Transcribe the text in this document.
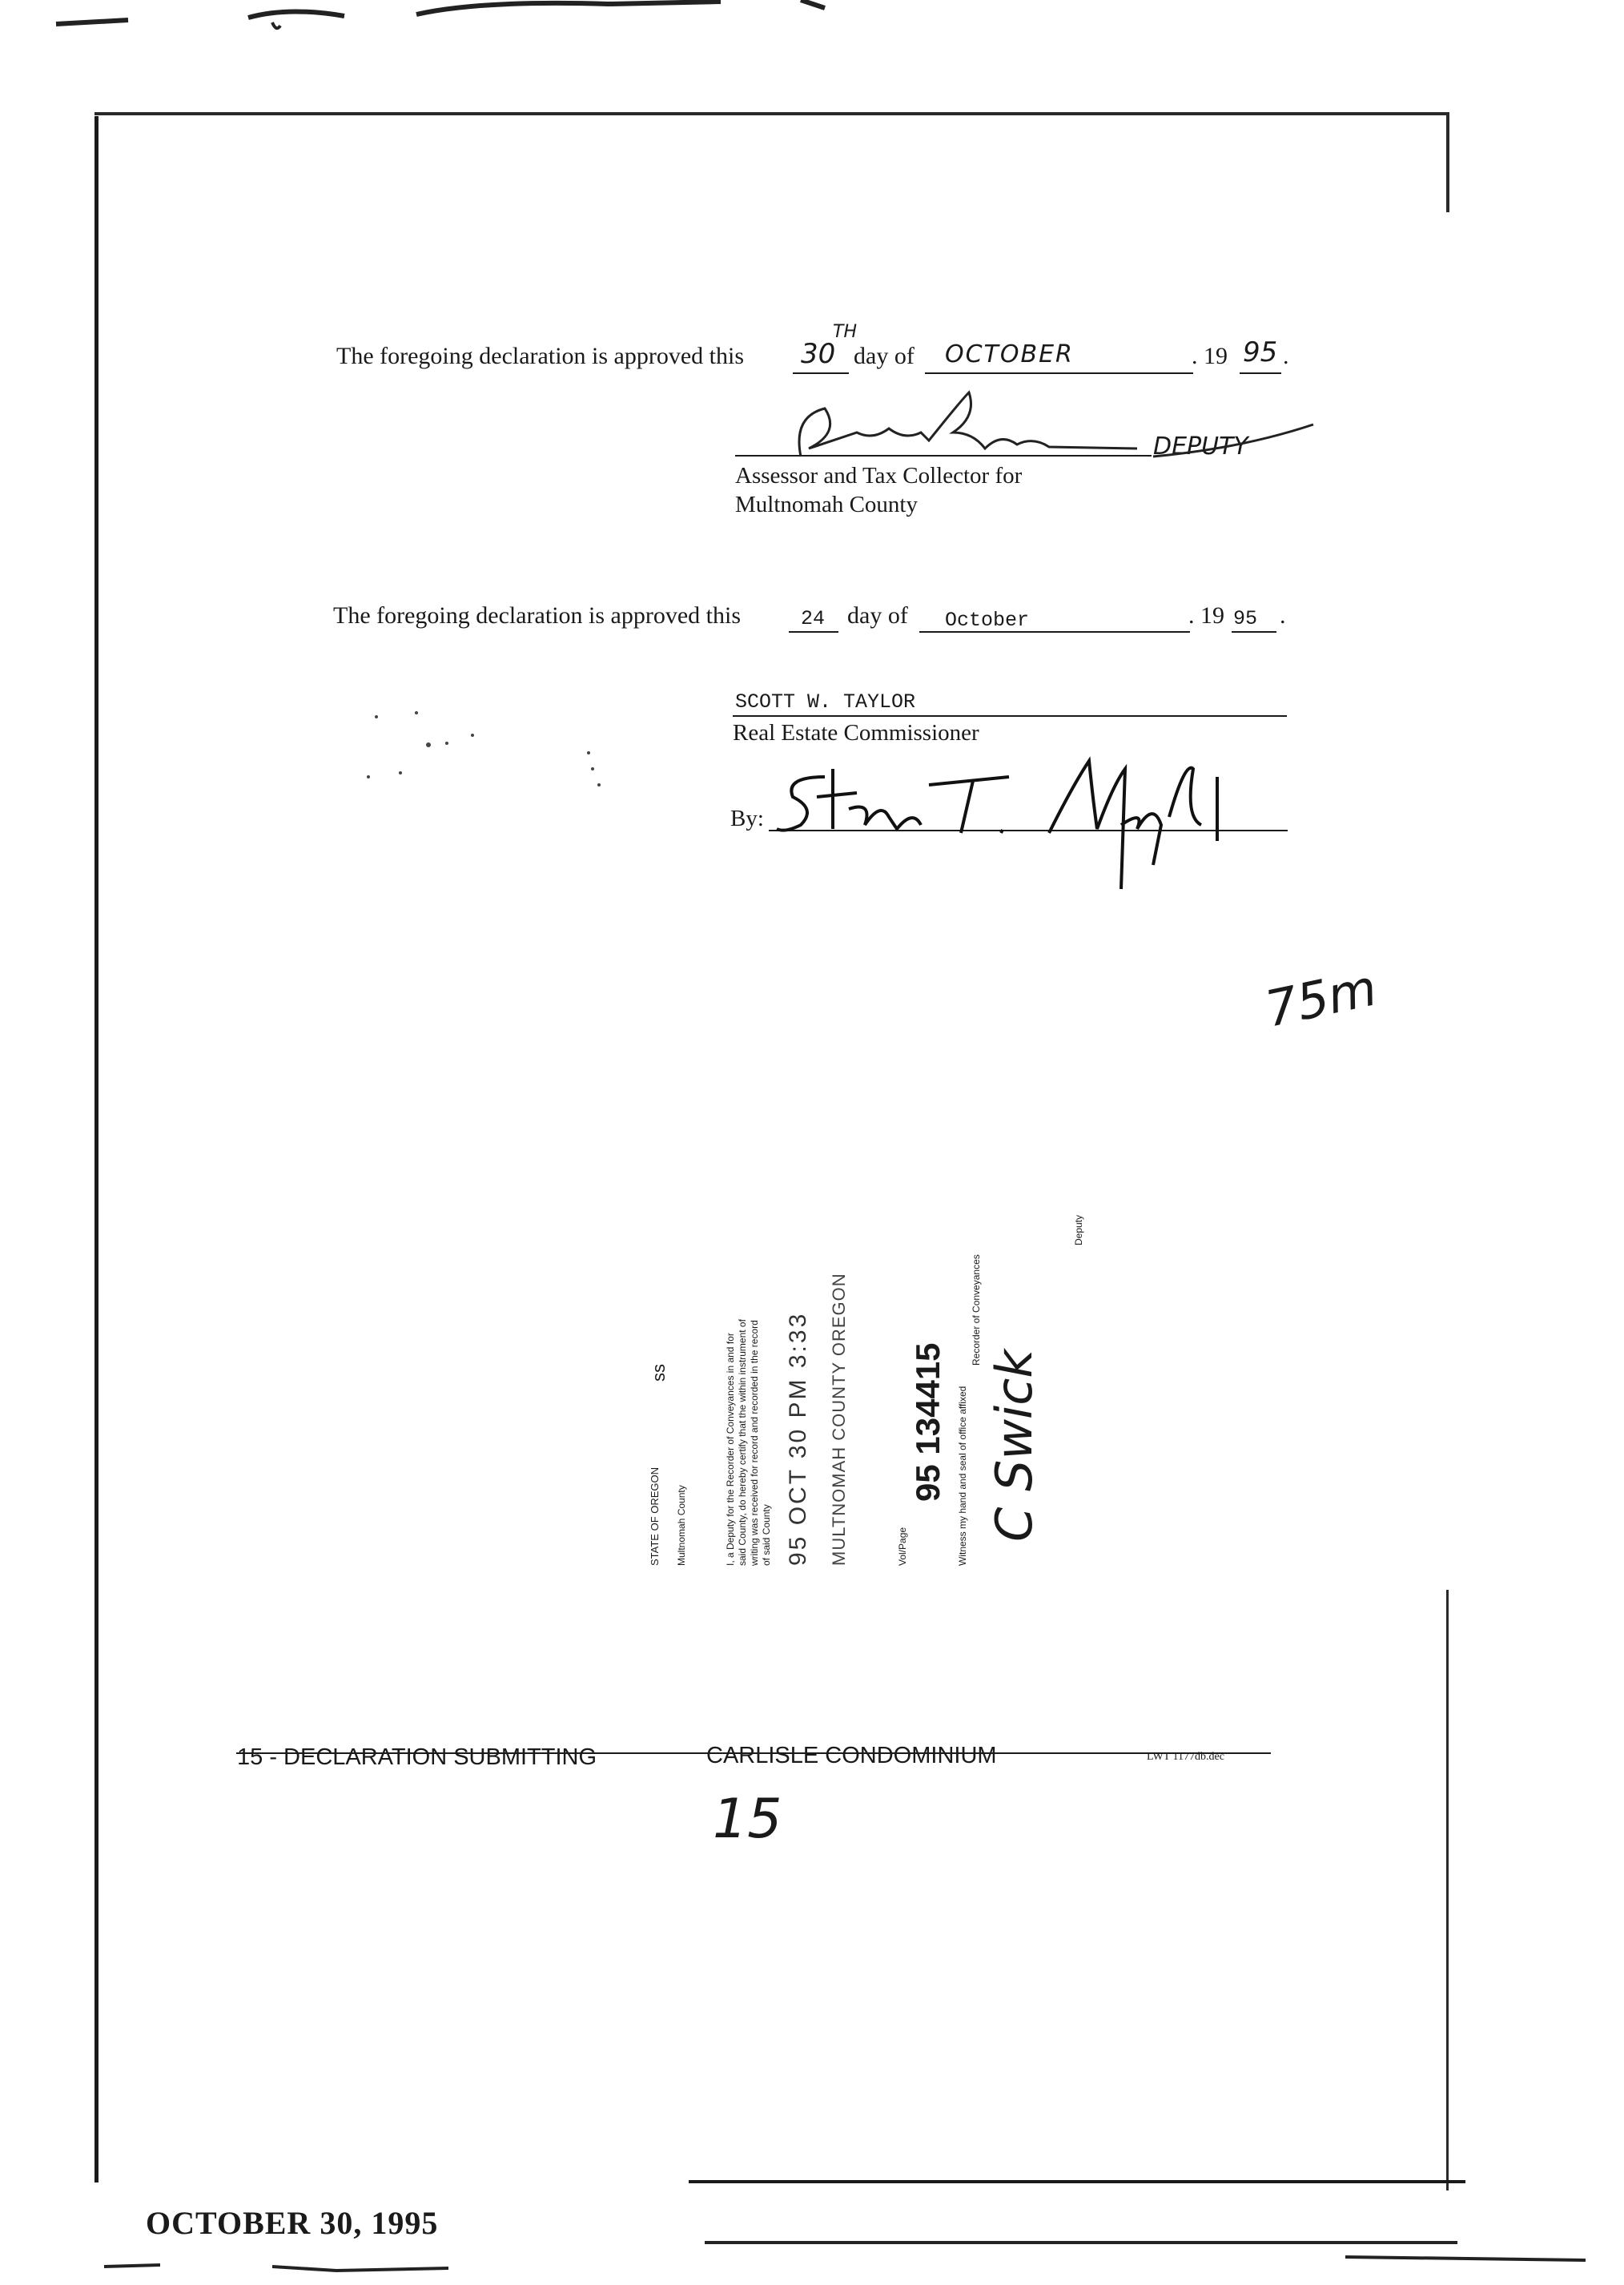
The foregoing declaration is approved this 30
TH
day of OCTOBER	. 19 95 .
DEPUTY
Assessor and Tax Collector for
Multnomah County
The foregoing declaration is approved this	24 day of October	. 19 95 .
SCOTT W. TAYLOR
Real Estate Commissioner
By:
75m
STATE OF OREGON
ss
Multnomah County	I, a Deputy for the Recorder of Conveyances in and for said County, do hereby certify that the within instrument of writing was received for record and recorded in the record of said County 95 OCT 30 PM 3:33 MULTNOMAH COUNTY OREGON	Vol/Page
95 134415 Witness my hand and seal of office affixed
Recorder of Conveyances
C Swick
Deputy
15 - DECLARATION SUBMITTING	CARLISLE CONDOMINIUM	LWT 1177db.dec
15
OCTOBER 30, 1995
